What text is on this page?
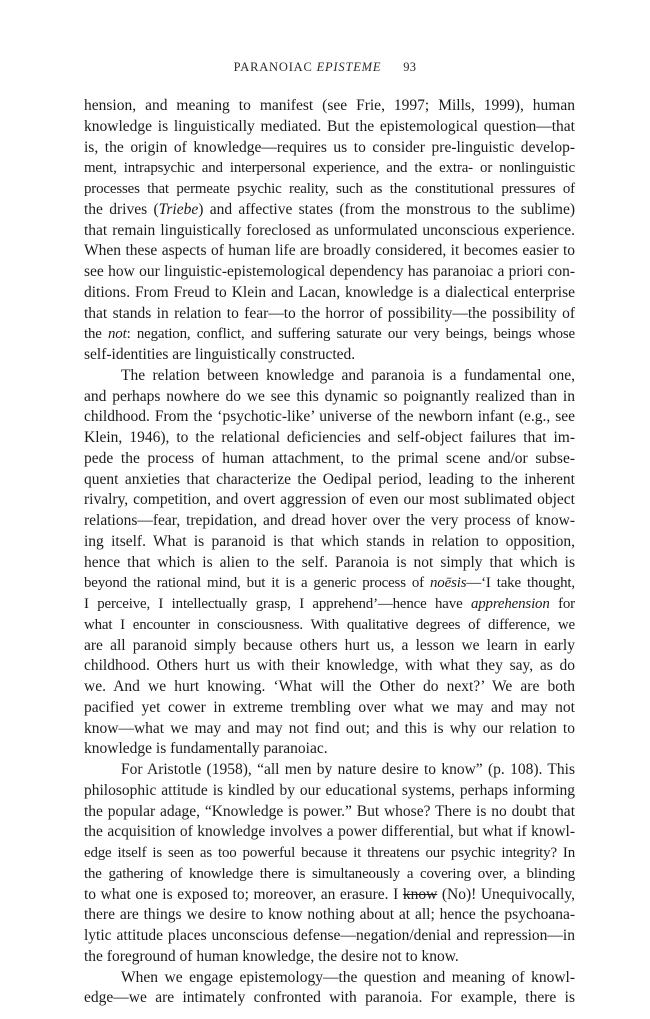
PARANOIAC EPISTEME 93
hension, and meaning to manifest (see Frie, 1997; Mills, 1999), human
knowledge is linguistically mediated. But the epistemological question—that
is, the origin of knowledge—requires us to consider pre-linguistic develop-
ment, intrapsychic and interpersonal experience, and the extra- or nonlinguistic
processes that permeate psychic reality, such as the constitutional pressures of
the drives (Triebe) and affective states (from the monstrous to the sublime)
that remain linguistically foreclosed as unformulated unconscious experience.
When these aspects of human life are broadly considered, it becomes easier to
see how our linguistic-epistemological dependency has paranoiac a priori con-
ditions. From Freud to Klein and Lacan, knowledge is a dialectical enterprise
that stands in relation to fear—to the horror of possibility—the possibility of
the not: negation, conflict, and suffering saturate our very beings, beings whose
self-identities are linguistically constructed.
The relation between knowledge and paranoia is a fundamental one,
and perhaps nowhere do we see this dynamic so poignantly realized than in
childhood. From the ‘psychotic-like’ universe of the newborn infant (e.g., see
Klein, 1946), to the relational deficiencies and self-object failures that im-
pede the process of human attachment, to the primal scene and/or subse-
quent anxieties that characterize the Oedipal period, leading to the inherent
rivalry, competition, and overt aggression of even our most sublimated object
relations—fear, trepidation, and dread hover over the very process of know-
ing itself. What is paranoid is that which stands in relation to opposition,
hence that which is alien to the self. Paranoia is not simply that which is
beyond the rational mind, but it is a generic process of noēsis—‘I take thought,
I perceive, I intellectually grasp, I apprehend’—hence have apprehension for
what I encounter in consciousness. With qualitative degrees of difference, we
are all paranoid simply because others hurt us, a lesson we learn in early
childhood. Others hurt us with their knowledge, with what they say, as do
we. And we hurt knowing. ‘What will the Other do next?’ We are both
pacified yet cower in extreme trembling over what we may and may not
know—what we may and may not find out; and this is why our relation to
knowledge is fundamentally paranoiac.
For Aristotle (1958), “all men by nature desire to know” (p. 108). This
philosophic attitude is kindled by our educational systems, perhaps informing
the popular adage, “Knowledge is power.” But whose? There is no doubt that
the acquisition of knowledge involves a power differential, but what if knowl-
edge itself is seen as too powerful because it threatens our psychic integrity? In
the gathering of knowledge there is simultaneously a covering over, a blinding
to what one is exposed to; moreover, an erasure. I know (No)! Unequivocally,
there are things we desire to know nothing about at all; hence the psychoana-
lytic attitude places unconscious defense—negation/denial and repression—in
the foreground of human knowledge, the desire not to know.
When we engage epistemology—the question and meaning of knowl-
edge—we are intimately confronted with paranoia. For example, there is
